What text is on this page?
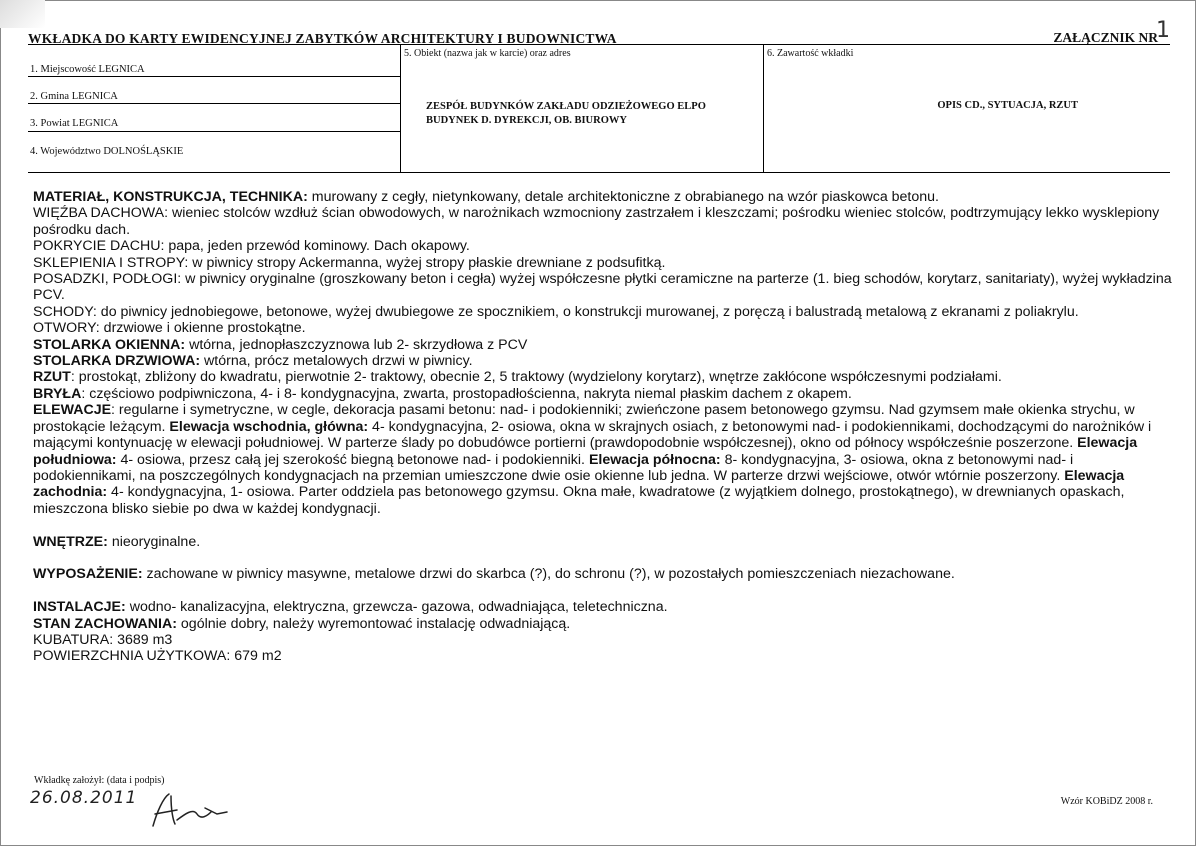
WKŁADKA DO KARTY EWIDENCYJNEJ ZABYTKÓW ARCHITEKTURY I BUDOWNICTWA	ZAŁĄCZNIK NR
1
1. Miejscowość LEGNICA
2. Gmina LEGNICA
3. Powiat LEGNICA
4. Województwo DOLNOŚLĄSKIE
5. Obiekt (nazwa jak w karcie) oraz adres
ZESPÓŁ BUDYNKÓW ZAKŁADU ODZIEŻOWEGO ELPO
BUDYNEK D. DYREKCJI, OB. BIUROWY
6. Zawartość wkładki
OPIS CD., SYTUACJA, RZUT

MATERIAŁ, KONSTRUKCJA, TECHNIKA: murowany z cegły, nietynkowany, detale architektoniczne z obrabianego na wzór piaskowca betonu.

WIĘŹBA DACHOWA: wieniec stolców wzdłuż ścian obwodowych, w narożnikach wzmocniony zastrzałem i kleszczami; pośrodku wieniec stolców, podtrzymujący lekko wysklepiony pośrodku dach.

POKRYCIE DACHU: papa, jeden przewód kominowy. Dach okapowy.

SKLEPIENIA I STROPY: w piwnicy stropy Ackermanna, wyżej stropy płaskie drewniane z podsufitką.

POSADZKI, PODŁOGI: w piwnicy oryginalne (groszkowany beton i cegła) wyżej współczesne płytki ceramiczne na parterze (1. bieg schodów, korytarz, sanitariaty), wyżej wykładzina PCV.

SCHODY: do piwnicy jednobiegowe, betonowe, wyżej dwubiegowe ze spocznikiem, o konstrukcji murowanej, z poręczą i balustradą metalową z ekranami z poliakrylu.

OTWORY: drzwiowe i okienne prostokątne.

STOLARKA OKIENNA: wtórna, jednopłaszczyznowa lub 2- skrzydłowa z PCV

STOLARKA DRZWIOWA: wtórna, prócz metalowych drzwi w piwnicy.

RZUT: prostokąt, zbliżony do kwadratu, pierwotnie 2- traktowy, obecnie 2, 5 traktowy (wydzielony korytarz), wnętrze zakłócone współczesnymi podziałami.

BRYŁA: częściowo podpiwniczona, 4- i 8- kondygnacyjna, zwarta, prostopadłościenna, nakryta niemal płaskim dachem z okapem.

ELEWACJE: regularne i symetryczne, w cegle, dekoracja pasami betonu: nad- i podokienniki; zwieńczone pasem betonowego gzymsu. Nad gzymsem małe okienka strychu, w prostokącie leżącym. Elewacja wschodnia, główna: 4- kondygnacyjna, 2- osiowa, okna w skrajnych osiach, z betonowymi nad- i podokiennikami, dochodzącymi do narożników i mającymi kontynuację w elewacji południowej. W parterze ślady po dobudówce portierni (prawdopodobnie współczesnej), okno od północy współcześnie poszerzone. Elewacja południowa: 4- osiowa, przesz całą jej szerokość biegną betonowe nad- i podokienniki. Elewacja północna: 8- kondygnacyjna, 3- osiowa, okna z betonowymi nad- i podokiennikami, na poszczególnych kondygnacjach na przemian umieszczone dwie osie okienne lub jedna. W parterze drzwi wejściowe, otwór wtórnie poszerzony. Elewacja zachodnia: 4- kondygnacyjna, 1- osiowa. Parter oddziela pas betonowego gzymsu. Okna małe, kwadratowe (z wyjątkiem dolnego, prostokątnego), w drewnianych opaskach, mieszczona blisko siebie po dwa w każdej kondygnacji.

WNĘTRZE: nieoryginalne.

WYPOSAŻENIE: zachowane w piwnicy masywne, metalowe drzwi do skarbca (?), do schronu (?), w pozostałych pomieszczeniach niezachowane.

INSTALACJE: wodno- kanalizacyjna, elektryczna, grzewcza- gazowa, odwadniająca, teletechniczna.

STAN ZACHOWANIA: ogólnie dobry, należy wyremontować instalację odwadniającą.

KUBATURA: 3689 m3

POWIERZCHNIA UŻYTKOWA: 679 m2

Wkładkę założył: (data i podpis)
26.08.2011	Wzór KOBiDZ 2008 r.
